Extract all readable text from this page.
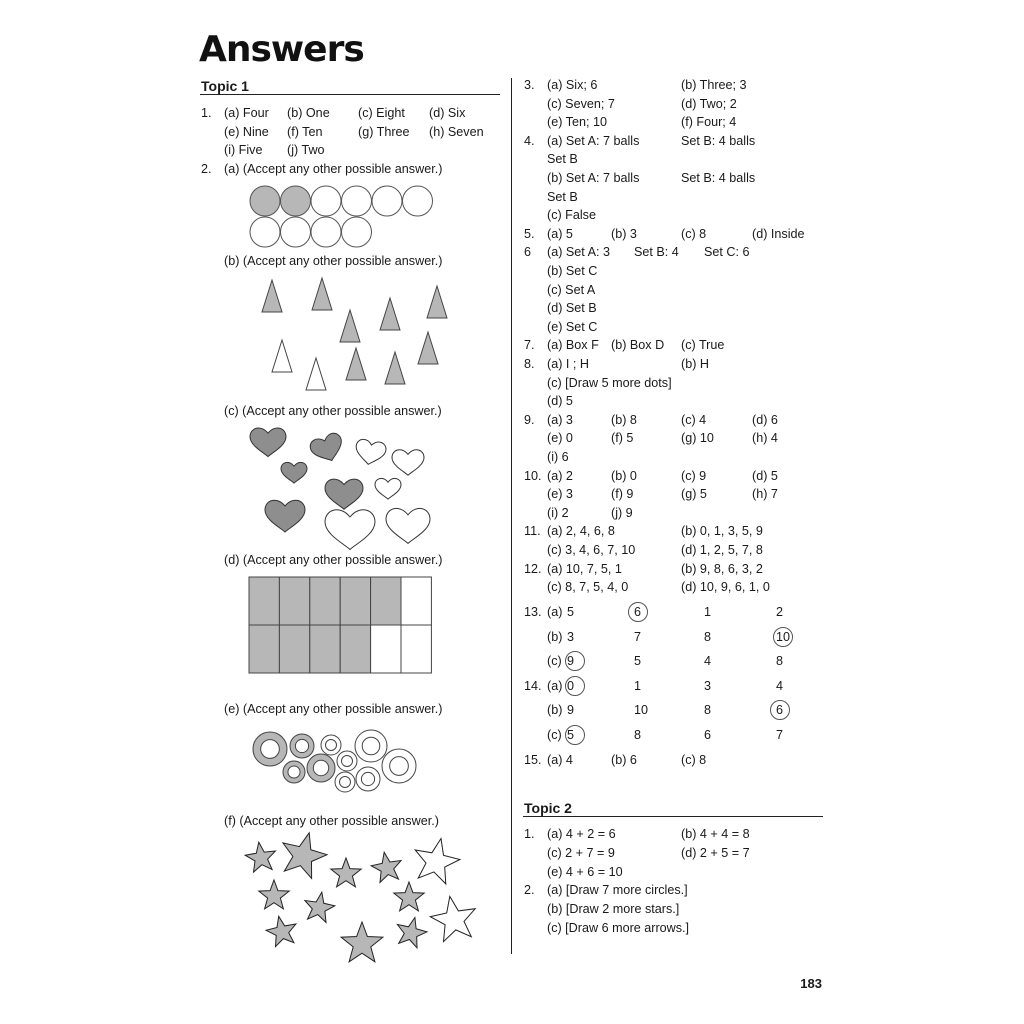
Answers
Topic 1
1. (a) Four (b) One (c) Eight (d) Six
(e) Nine (f) Ten	(g) Three (h) Seven
(i) Five (j) Two
2. (a) (Accept any other possible answer.)
(b) (Accept any other possible answer.)
(c) (Accept any other possible answer.)
(d) (Accept any other possible answer.)
(e) (Accept any other possible answer.)
(f) (Accept any other possible answer.)
3. (a) Six; 6	(b) Three; 3
(c) Seven; 7	(d) Two; 2
(e) Ten; 10	(f) Four; 4
4. (a) Set A: 7 balls	Set B: 4 balls
Set B
(b) Set A: 7 balls	Set B: 4 balls
Set B
(c) False
5. (a) 5	(b) 3	(c) 8	(d) Inside
6 (a) Set A: 3 Set B: 4 Set C: 6
(b) Set C
(c) Set A
(d) Set B
(e) Set C
7. (a) Box F (b) Box D (c) True
8. (a) I ; H	(b) H
(c) [Draw 5 more dots]
(d) 5
9. (a) 3	(b) 8	(c) 4	(d) 6
(e) 0	(f) 5	(g) 10	(h) 4
(i) 6
10. (a) 2	(b) 0	(c) 9	(d) 5
(e) 3	(f) 9	(g) 5	(h) 7
(i) 2	(j) 9
11. (a) 2, 4, 6, 8	(b) 0, 1, 3, 5, 9
(c) 3, 4, 6, 7, 10	(d) 1, 2, 5, 7, 8
12. (a) 10, 7, 5, 1	(b) 9, 8, 6, 3, 2
(c) 8, 7, 5, 4, 0	(d) 10, 9, 6, 1, 0
13. (a) 5	6	1	2
(b) 3	7	8	10
(c) 9	5	4	8
14. (a) 0	1	3	4
(b) 9	10	8	6
(c) 5	8	6	7
15. (a) 4	(b) 6	(c) 8
Topic 2
1. (a) 4 + 2 = 6	(b) 4 + 4 = 8
(c) 2 + 7 = 9	(d) 2 + 5 = 7
(e) 4 + 6 = 10
2. (a) [Draw 7 more circles.]
(b) [Draw 2 more stars.]
(c) [Draw 6 more arrows.]
183
